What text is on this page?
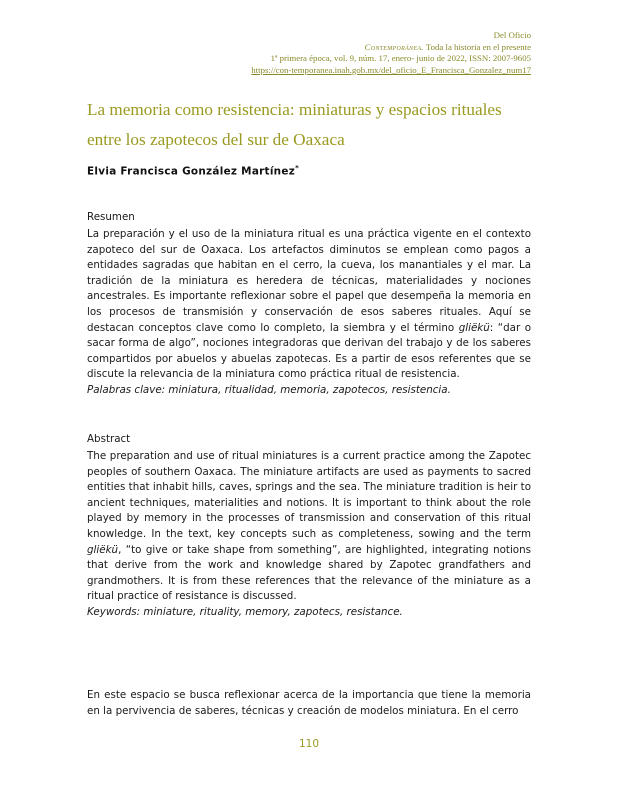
Del Oficio
Contemporánea. Toda la historia en el presente
1ª primera época, vol. 9, núm. 17, enero- junio de 2022, ISSN: 2007-9605
https://con-temporanea.inah.gob.mx/del_oficio_E_Francisca_Gonzalez_num17
La memoria como resistencia: miniaturas y espacios rituales entre los zapotecos del sur de Oaxaca
Elvia Francisca González Martínez*
Resumen
La preparación y el uso de la miniatura ritual es una práctica vigente en el contexto zapoteco del sur de Oaxaca. Los artefactos diminutos se emplean como pagos a entidades sagradas que habitan en el cerro, la cueva, los manantiales y el mar. La tradición de la miniatura es heredera de técnicas, materialidades y nociones ancestrales. Es importante reflexionar sobre el papel que desempeña la memoria en los procesos de transmisión y conservación de esos saberes rituales. Aquí se destacan conceptos clave como lo completo, la siembra y el término gliëkü: “dar o sacar forma de algo”, nociones integradoras que derivan del trabajo y de los saberes compartidos por abuelos y abuelas zapotecas. Es a partir de esos referentes que se discute la relevancia de la miniatura como práctica ritual de resistencia.
Palabras clave: miniatura, ritualidad, memoria, zapotecos, resistencia.
Abstract
The preparation and use of ritual miniatures is a current practice among the Zapotec peoples of southern Oaxaca. The miniature artifacts are used as payments to sacred entities that inhabit hills, caves, springs and the sea. The miniature tradition is heir to ancient techniques, materialities and notions. It is important to think about the role played by memory in the processes of transmission and conservation of this ritual knowledge. In the text, key concepts such as completeness, sowing and the term gliëkü, “to give or take shape from something”, are highlighted, integrating notions that derive from the work and knowledge shared by Zapotec grandfathers and grandmothers. It is from these references that the relevance of the miniature as a ritual practice of resistance is discussed.
Keywords: miniature, rituality, memory, zapotecs, resistance.
En este espacio se busca reflexionar acerca de la importancia que tiene la memoria en la pervivencia de saberes, técnicas y creación de modelos miniatura. En el cerro
110
